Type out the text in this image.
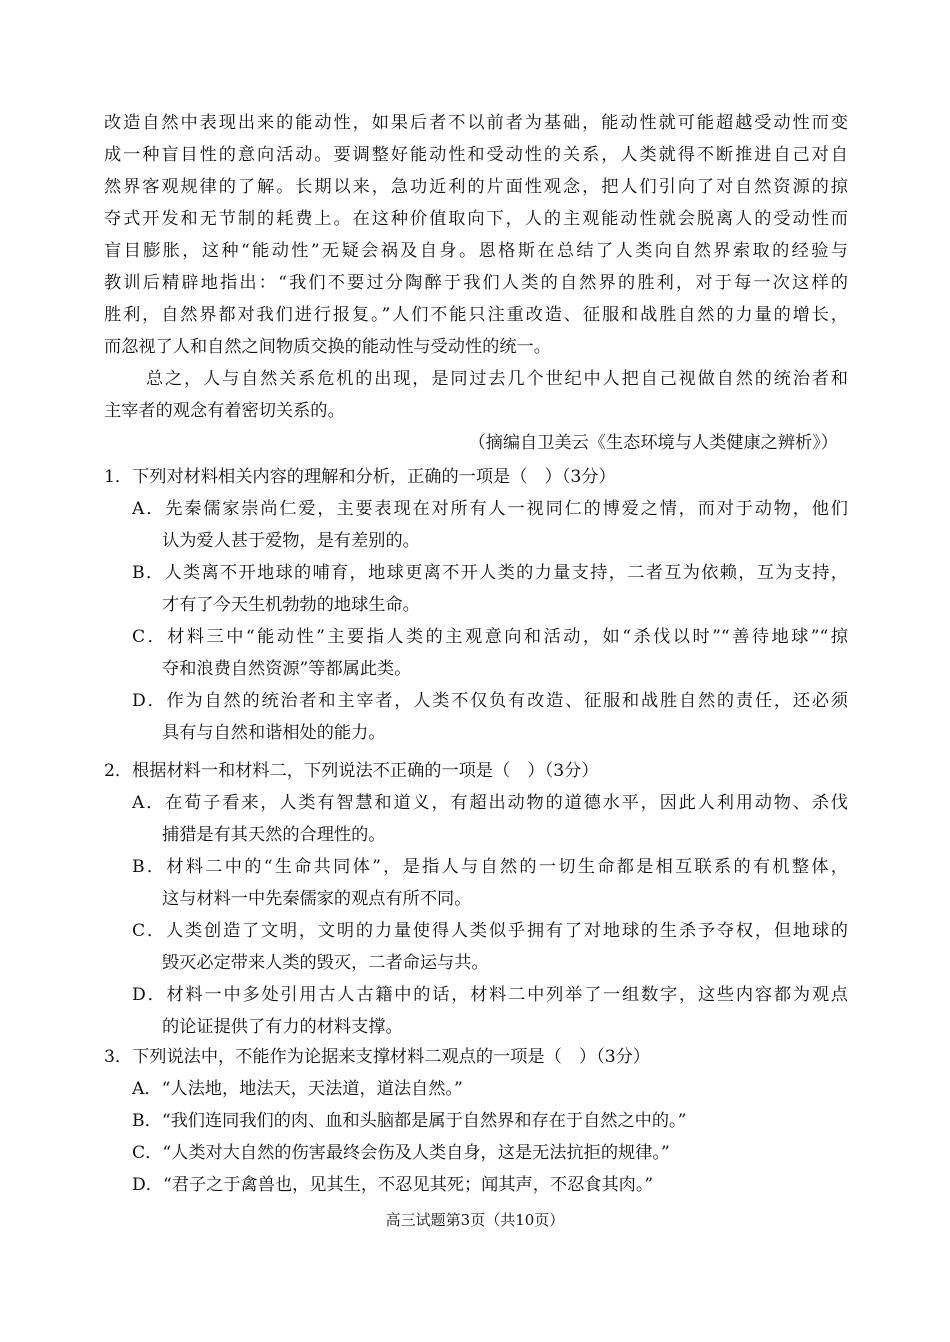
改造自然中表现出来的能动性，如果后者不以前者为基础，能动性就可能超越受动性而变
成一种盲目性的意向活动。要调整好能动性和受动性的关系，人类就得不断推进自己对自
然界客观规律的了解。长期以来，急功近利的片面性观念，把人们引向了对自然资源的掠
夺式开发和无节制的耗费上。在这种价值取向下，人的主观能动性就会脱离人的受动性而
盲目膨胀，这种“能动性”无疑会祸及自身。恩格斯在总结了人类向自然界索取的经验与
教训后精辟地指出：“我们不要过分陶醉于我们人类的自然界的胜利，对于每一次这样的
胜利，自然界都对我们进行报复。”人们不能只注重改造、征服和战胜自然的力量的增长，
而忽视了人和自然之间物质交换的能动性与受动性的统一。
总之，人与自然关系危机的出现，是同过去几个世纪中人把自己视做自然的统治者和
主宰者的观念有着密切关系的。
（摘编自卫美云《生态环境与人类健康之辨析》）
1．下列对材料相关内容的理解和分析，正确的一项是（　）（3分）
A．先秦儒家崇尚仁爱，主要表现在对所有人一视同仁的博爱之情，而对于动物，他们
认为爱人甚于爱物，是有差别的。
B．人类离不开地球的哺育，地球更离不开人类的力量支持，二者互为依赖，互为支持，
才有了今天生机勃勃的地球生命。
C．材料三中“能动性”主要指人类的主观意向和活动，如“杀伐以时”“善待地球”“掠
夺和浪费自然资源”等都属此类。
D．作为自然的统治者和主宰者，人类不仅负有改造、征服和战胜自然的责任，还必须
具有与自然和谐相处的能力。
2．根据材料一和材料二，下列说法不正确的一项是（　）（3分）
A．在荀子看来，人类有智慧和道义，有超出动物的道德水平，因此人利用动物、杀伐
捕猎是有其天然的合理性的。
B．材料二中的“生命共同体”，是指人与自然的一切生命都是相互联系的有机整体，
这与材料一中先秦儒家的观点有所不同。
C．人类创造了文明，文明的力量使得人类似乎拥有了对地球的生杀予夺权，但地球的
毁灭必定带来人类的毁灭，二者命运与共。
D．材料一中多处引用古人古籍中的话，材料二中列举了一组数字，这些内容都为观点
的论证提供了有力的材料支撑。
3．下列说法中，不能作为论据来支撑材料二观点的一项是（　）（3分）
A．“人法地，地法天，天法道，道法自然。”
B．“我们连同我们的肉、血和头脑都是属于自然界和存在于自然之中的。”
C．“人类对大自然的伤害最终会伤及人类自身，这是无法抗拒的规律。”
D．“君子之于禽兽也，见其生，不忍见其死；闻其声，不忍食其肉。”
高三试题第3页（共10页）
